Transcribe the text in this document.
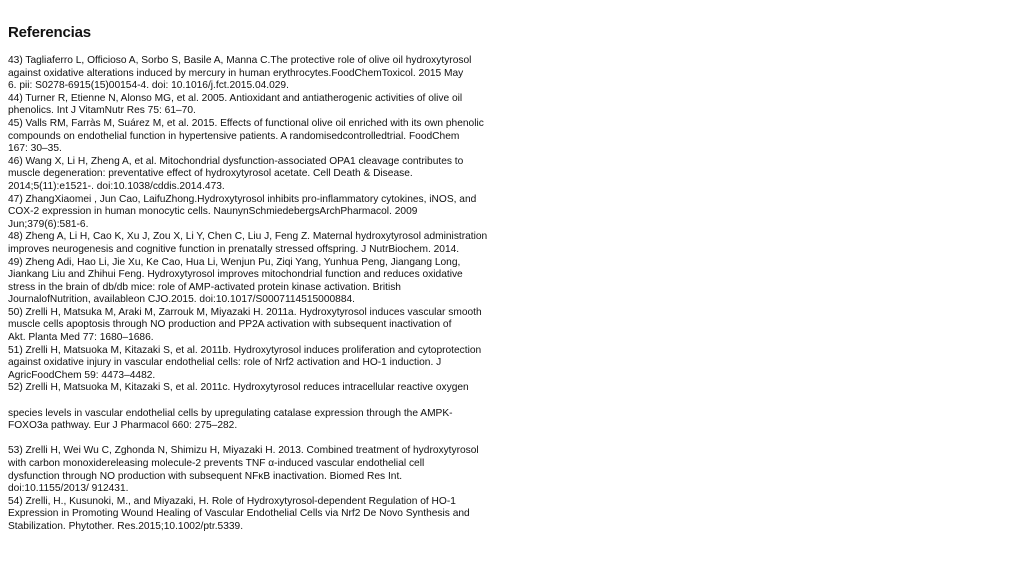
Referencias
43) Tagliaferro L, Officioso A, Sorbo S, Basile A, Manna C.The protective role of olive oil hydroxytyrosol
against oxidative alterations induced by mercury in human erythrocytes.FoodChemToxicol. 2015 May
6. pii: S0278-6915(15)00154-4. doi: 10.1016/j.fct.2015.04.029.
44) Turner R, Etienne N, Alonso MG, et al. 2005. Antioxidant and antiatherogenic activities of olive oil
phenolics. Int J VitamNutr Res 75: 61–70.
45) Valls RM, Farràs M, Suárez M, et al. 2015. Effects of functional olive oil enriched with its own phenolic
compounds on endothelial function in hypertensive patients. A randomisedcontrolledtrial. FoodChem
167: 30–35.
46) Wang X, Li H, Zheng A, et al. Mitochondrial dysfunction-associated OPA1 cleavage contributes to
muscle degeneration: preventative effect of hydroxytyrosol acetate. Cell Death & Disease.
2014;5(11):e1521-. doi:10.1038/cddis.2014.473.
47) ZhangXiaomei , Jun Cao, LaifuZhong.Hydroxytyrosol inhibits pro-inflammatory cytokines, iNOS, and
COX-2 expression in human monocytic cells. NaunynSchmiedebergsArchPharmacol. 2009
Jun;379(6):581-6.
48) Zheng A, Li H, Cao K, Xu J, Zou X, Li Y, Chen C, Liu J, Feng Z. Maternal hydroxytyrosol administration
improves neurogenesis and cognitive function in prenatally stressed offspring. J NutrBiochem. 2014.
49) Zheng Adi, Hao Li, Jie Xu, Ke Cao, Hua Li, Wenjun Pu, Ziqi Yang, Yunhua Peng, Jiangang Long,
Jiankang Liu and Zhihui Feng. Hydroxytyrosol improves mitochondrial function and reduces oxidative
stress in the brain of db/db mice: role of AMP-activated protein kinase activation. British
JournalofNutrition, availableon CJO.2015. doi:10.1017/S0007114515000884.
50) Zrelli H, Matsuka M, Araki M, Zarrouk M, Miyazaki H. 2011a. Hydroxytyrosol induces vascular smooth
muscle cells apoptosis through NO production and PP2A activation with subsequent inactivation of
Akt. Planta Med 77: 1680–1686.
51) Zrelli H, Matsuoka M, Kitazaki S, et al. 2011b. Hydroxytyrosol induces proliferation and cytoprotection
against oxidative injury in vascular endothelial cells: role of Nrf2 activation and HO-1 induction. J
AgricFoodChem 59: 4473–4482.
52) Zrelli H, Matsuoka M, Kitazaki S, et al. 2011c. Hydroxytyrosol reduces intracellular reactive oxygen
species levels in vascular endothelial cells by upregulating catalase expression through the AMPK-
FOXO3a pathway. Eur J Pharmacol 660: 275–282.
53) Zrelli H, Wei Wu C, Zghonda N, Shimizu H, Miyazaki H. 2013. Combined treatment of hydroxytyrosol
with carbon monoxidereleasing molecule-2 prevents TNF α-induced vascular endothelial cell
dysfunction through NO production with subsequent NFκB inactivation. Biomed Res Int.
doi:10.1155/2013/ 912431.
54) Zrelli, H., Kusunoki, M., and Miyazaki, H. Role of Hydroxytyrosol-dependent Regulation of HO-1
Expression in Promoting Wound Healing of Vascular Endothelial Cells via Nrf2 De Novo Synthesis and
Stabilization. Phytother. Res.2015;10.1002/ptr.5339.
